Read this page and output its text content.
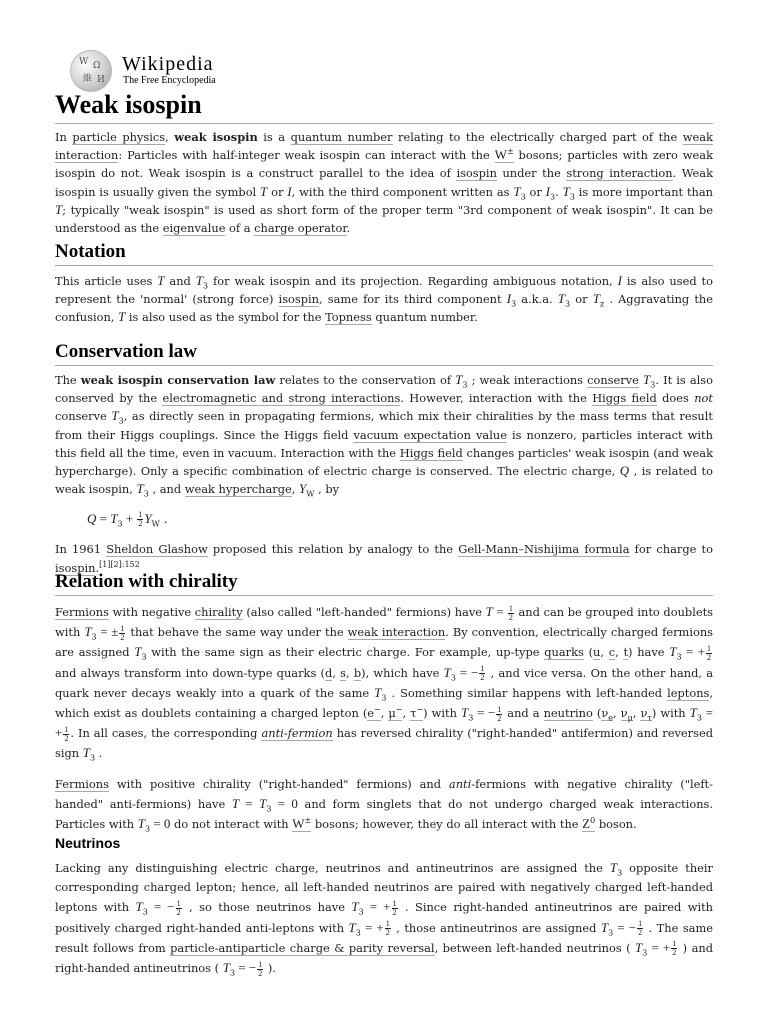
W Ω
維 И
Wikipedia
The Free Encyclopedia
Weak isospin

In particle physics, weak isospin is a quantum number relating to the electrically charged part of the weak interaction: Particles with half-integer weak isospin can interact with the W± bosons; particles with zero weak isospin do not. Weak isospin is a construct parallel to the idea of isospin under the strong interaction. Weak isospin is usually given the symbol T or I, with the third component written as $T_3$ or $I_3$. $T_3$ is more important than T; typically "weak isospin" is used as short form of the proper term "3rd component of weak isospin". It can be understood as the eigenvalue of a charge operator.

Notation

This article uses T and $T_3$ for weak isospin and its projection. Regarding ambiguous notation, I is also used to represent the 'normal' (strong force) isospin, same for its third component $I_3$ a.k.a. $T_3$ or $T_z$ . Aggravating the confusion, T is also used as the symbol for the Topness quantum number.

Conservation law

The weak isospin conservation law relates to the conservation of $T_3$ ; weak interactions conserve $T_3$. It is also conserved by the electromagnetic and strong interactions. However, interaction with the Higgs field does not conserve $T_3$, as directly seen in propagating fermions, which mix their chiralities by the mass terms that result from their Higgs couplings. Since the Higgs field vacuum expectation value is nonzero, particles interact with this field all the time, even in vacuum. Interaction with the Higgs field changes particles' weak isospin (and weak hypercharge). Only a specific combination of electric charge is conserved. The electric charge, Q , is related to weak isospin, $T_3$ , and weak hypercharge, $Y_W$ , by

$Q = T_3 + \frac{1}{2} Y_W$ .

In 1961 Sheldon Glashow proposed this relation by analogy to the Gell-Mann–Nishijima formula for charge to isospin.$^{[1][2]:152}$

Relation with chirality

Fermions with negative chirality (also called "left-handed" fermions) have $T = \frac{1}{2}$ and can be grouped into doublets with $T_3$ = ± $\frac{1}{2}$ that behave the same way under the weak interaction. By convention, electrically charged fermions are assigned $T_3$ with the same sign as their electric charge. For example, up-type quarks (u, c, t) have $T_3$ = + $\frac{1}{2}$
and always transform into down-type quarks (d, s, b), which have $T_3$ = − $\frac{1}{2}$ , and vice versa. On the other hand, a quark never decays weakly into a quark of the same $T_3$ . Something similar happens with left-handed leptons, which exist as doublets containing a charged lepton (e−, μ−, τ−) with $T_3$ = − $\frac{1}{2}$ and a neutrino ($\nu_e$, $\nu_\mu$, $\nu_\tau$) with $T_3$ = + $\frac{1}{2}$ . In all cases, the corresponding anti-fermion has reversed chirality ("right-handed" antifermion) and reversed sign $T_3$ .

Fermions with positive chirality ("right-handed" fermions) and anti-fermions with negative chirality ("left-handed" anti-fermions) have $T = T_3 = 0$ and form singlets that do not undergo charged weak interactions. Particles with $T_3 = 0$ do not interact with W± bosons; however, they do all interact with the $Z^0$ boson.

Neutrinos

Lacking any distinguishing electric charge, neutrinos and antineutrinos are assigned the $T_3$ opposite their corresponding charged lepton; hence, all left-handed neutrinos are paired with negatively charged left-handed leptons with $T_3$ = − $\frac{1}{2}$ , so those neutrinos have $T_3$ = + $\frac{1}{2}$ . Since right-handed antineutrinos are paired with positively charged right-handed anti-leptons with $T_3$ = + $\frac{1}{2}$ , those antineutrinos are assigned $T_3$ = − $\frac{1}{2}$ . The same result follows from particle-antiparticle charge & parity reversal, between left-handed neutrinos ( $T_3$ = + $\frac{1}{2}$ ) and right-handed antineutrinos ( $T_3$ = − $\frac{1}{2}$ ).
